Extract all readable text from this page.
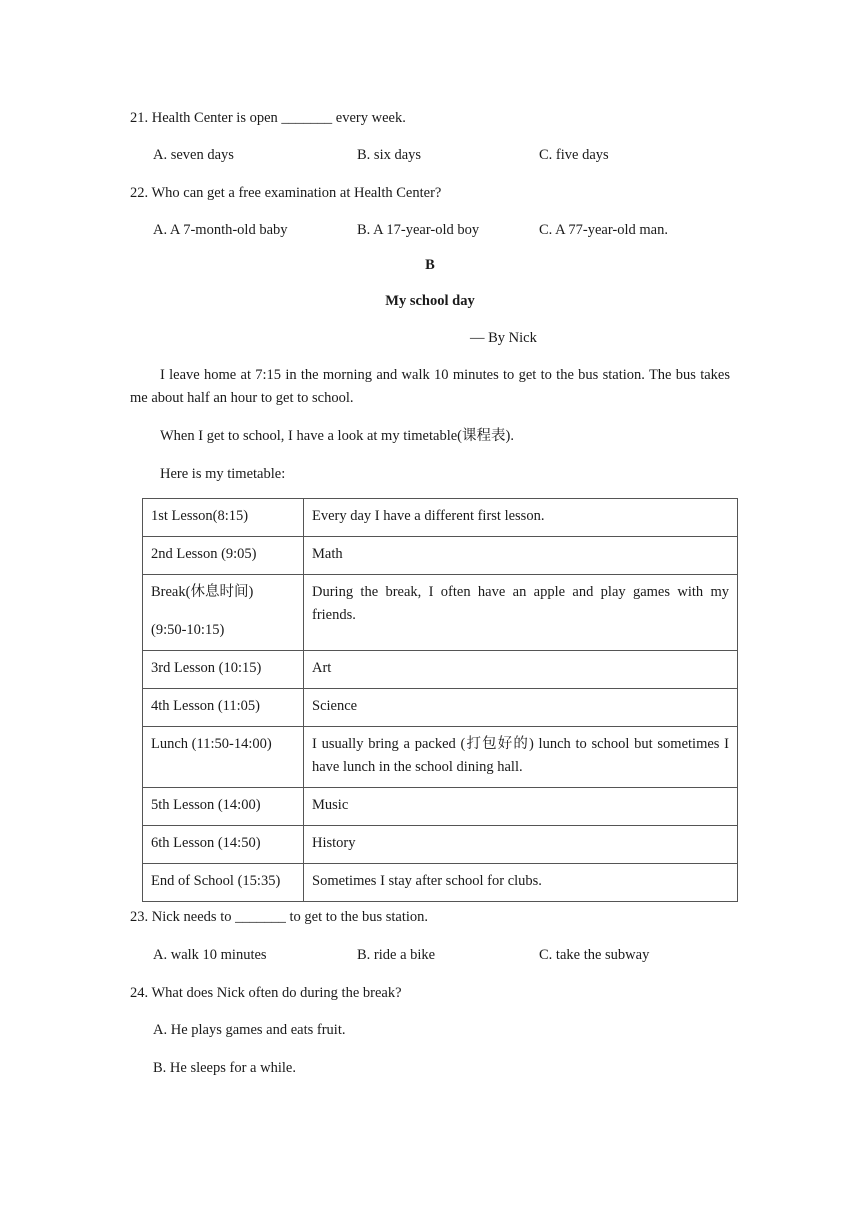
21. Health Center is open _______ every week.
A. seven days	B. six days	C. five days
22. Who can get a free examination at Health Center?
A. A 7-month-old baby	B. A 17-year-old boy	C. A 77-year-old man.
B
My school day
— By Nick
I leave home at 7:15 in the morning and walk 10 minutes to get to the bus station. The bus takes me about half an hour to get to school.
When I get to school, I have a look at my timetable(课程表).
Here is my timetable:
1st Lesson(8:15)	Every day I have a different first lesson.
2nd Lesson (9:05)	Math
Break(休息时间)
(9:50-10:15)	During the break, I often have an apple and play games with my friends.
3rd Lesson (10:15)	Art
4th Lesson (11:05)	Science
Lunch (11:50-14:00)	I usually bring a packed (打包好的) lunch to school but sometimes I have lunch in the school dining hall.
5th Lesson (14:00)	Music
6th Lesson (14:50)	History
End of School (15:35)	Sometimes I stay after school for clubs.
23. Nick needs to _______ to get to the bus station.
A. walk 10 minutes	B. ride a bike	C. take the subway
24. What does Nick often do during the break?
A. He plays games and eats fruit.
B. He sleeps for a while.
